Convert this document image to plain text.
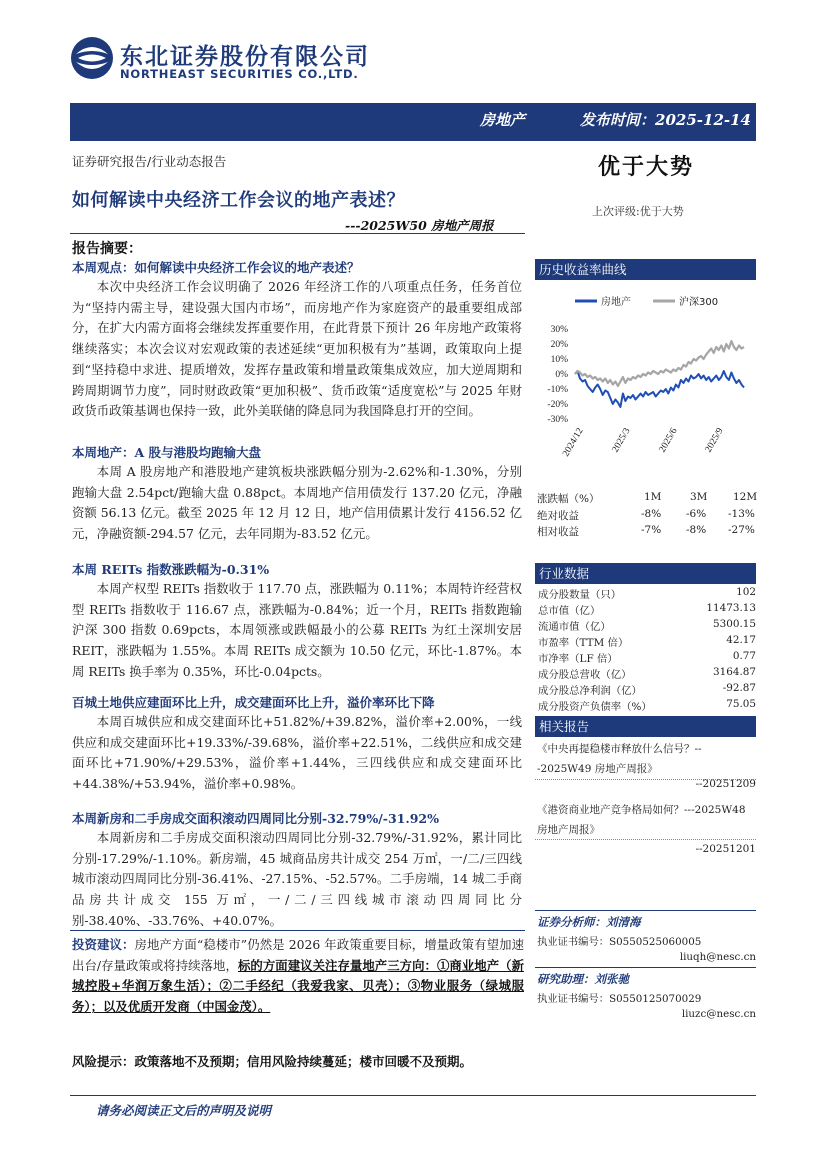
东北证券股份有限公司
NORTHEAST SECURITIES CO.,LTD.
房地产	发布时间：2025-12-14
证券研究报告/行业动态报告	优于大势
如何解读中央经济工作会议的地产表述？
---2025W50 房地产周报
上次评级:优于大势
报告摘要：
本周观点：如何解读中央经济工作会议的地产表述？
本次中央经济工作会议明确了 2026 年经济工作的八项重点任务，任务首位为“坚持内需主导，建设强大国内市场”，而房地产作为家庭资产的最重要组成部分，在扩大内需方面将会继续发挥重要作用，在此背景下预计 26 年房地产政策将继续落实；本次会议对宏观政策的表述延续“更加积极有为”基调，政策取向上提到“坚持稳中求进、提质增效，发挥存量政策和增量政策集成效应，加大逆周期和跨周期调节力度”，同时财政政策“更加积极”、货币政策“适度宽松”与 2025 年财政货币政策基调也保持一致，此外美联储的降息同为我国降息打开的空间。
本周地产：A 股与港股均跑输大盘
本周 A 股房地产和港股地产建筑板块涨跌幅分别为-2.62%和-1.30%，分别跑输大盘 2.54pct/跑输大盘 0.88pct。本周地产信用债发行 137.20 亿元，净融资额 56.13 亿元。截至 2025 年 12 月 12 日，地产信用债累计发行 4156.52 亿元，净融资额-294.57 亿元，去年同期为-83.52 亿元。
本周 REITs 指数涨跌幅为-0.31%
本周产权型 REITs 指数收于 117.70 点，涨跌幅为 0.11%；本周特许经营权型 REITs 指数收于 116.67 点，涨跌幅为-0.84%；近一个月，REITs 指数跑输沪深 300 指数 0.69pcts，本周领涨或跌幅最小的公募 REITs 为红土深圳安居 REIT，涨跌幅为 1.55%。本周 REITs 成交额为 10.50 亿元，环比-1.87%。本周 REITs 换手率为 0.35%，环比-0.04pcts。
百城土地供应建面环比上升，成交建面环比上升，溢价率环比下降
本周百城供应和成交建面环比+51.82%/+39.82%，溢价率+2.00%，一线供应和成交建面环比+19.33%/-39.68%，溢价率+22.51%，二线供应和成交建面环比+71.90%/+29.53%，溢价率+1.44%，三四线供应和成交建面环比+44.38%/+53.94%，溢价率+0.98%。
本周新房和二手房成交面积滚动四周同比分别-32.79%/-31.92%
本周新房和二手房成交面积滚动四周同比分别-32.79%/-31.92%，累计同比分别-17.29%/-1.10%。新房端，45 城商品房共计成交 254 万㎡，一/二/三四线城市滚动四周同比分别-36.41%、-27.15%、-52.57%。二手房端，14 城二手商品房共计成交 155 万㎡，一/二/三四线城市滚动四周同比分别-38.40%、-33.76%、+40.07%。
投资建议：房地产方面“稳楼市”仍然是 2026 年政策重要目标，增量政策有望加速出台/存量政策或将持续落地，标的方面建议关注存量地产三方向：①商业地产（新城控股+华润万象生活）；②二手经纪（我爱我家、贝壳）；③物业服务（绿城服务）；以及优质开发商（中国金茂）。
风险提示：政策落地不及预期；信用风险持续蔓延；楼市回暖不及预期。
请务必阅读正文后的声明及说明
历史收益率曲线
房地产	沪深300
30%
20%
10%
0%
-10%
-20%
-30%
2024/12	2025/3	2025/6	2025/9
涨跌幅（%）	1M	3M 12M
绝对收益	-8% -6% -13%
相对收益	-7% -8% -27%
行业数据
成分股数量（只）	102
总市值（亿）	11473.13
流通市值（亿）	5300.15
市盈率（TTM 倍）	42.17
市净率（LF 倍）	0.77
成分股总营收（亿）	3164.87
成分股总净利润（亿）	-92.87
成分股资产负债率（%）	75.05
相关报告
《中央再提稳楼市释放什么信号？---2025W49 房地产周报》
--20251209
《港资商业地产竞争格局如何？---2025W48 房地产周报》
--20251201
证券分析师：刘清海
执业证书编号：S0550525060005
liuqh@nesc.cn
研究助理：刘张驰
执业证书编号：S0550125070029
liuzc@nesc.cn
